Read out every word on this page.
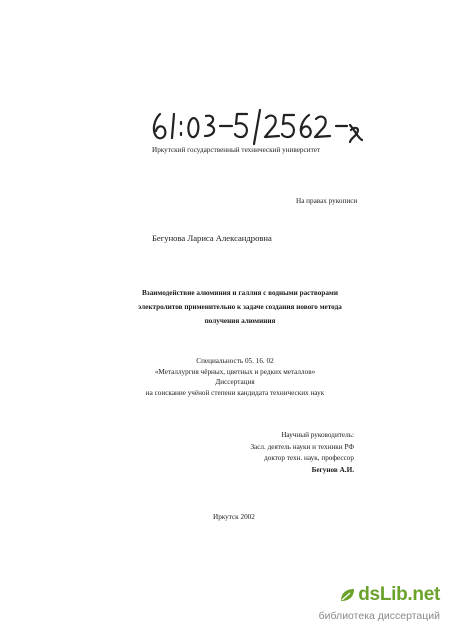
Иркутский государственный технический университет
На правах рукописи
Бегунова Лариса Александровна
Взаимодействие алюминия и галлия с водными растворами
электролитов применительно к задаче создания нового метода
получения алюминия
Специальность 05. 16. 02
«Металлургия чёрных, цветных и редких металлов»
Диссертация
на соискание учёной степени кандидата технических наук
Научный руководитель:
Засл. деятель науки и техники РФ
доктор техн. наук, профессор
Бегунов А.И.
Иркутск 2002
dsLib.net
библиотека диссертаций
